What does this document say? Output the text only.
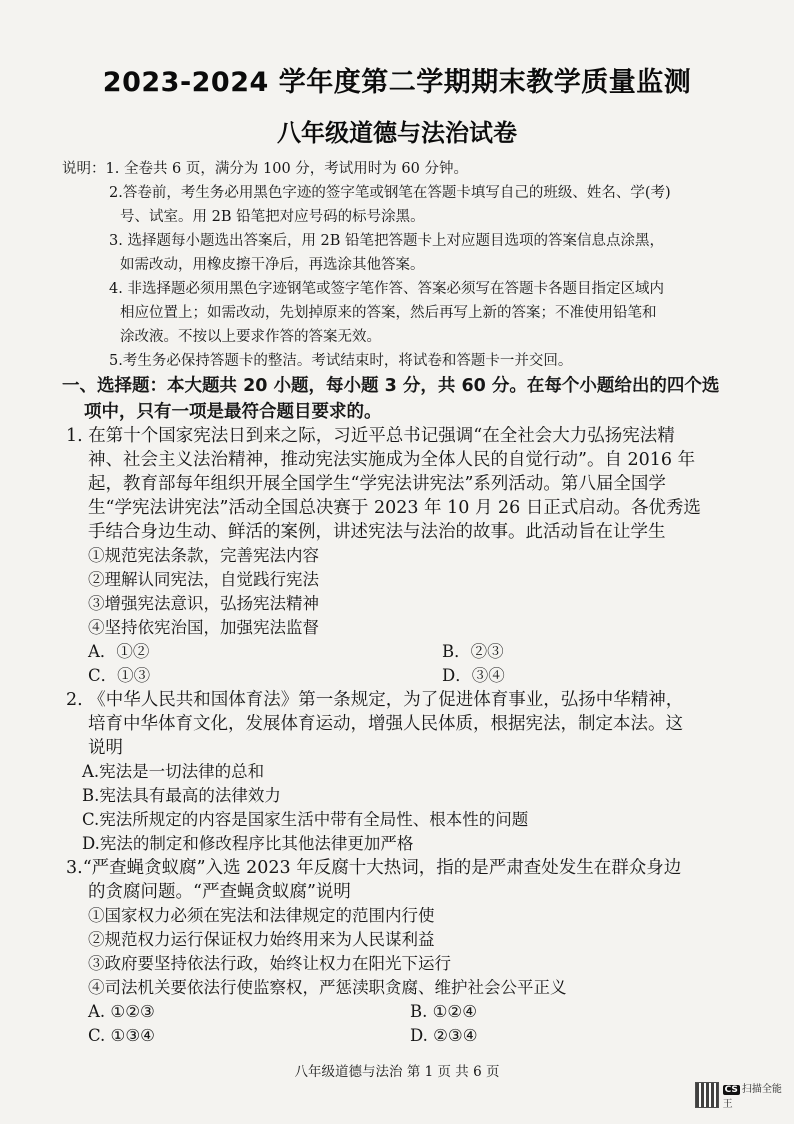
2023-2024 学年度第二学期期末教学质量监测
八年级道德与法治试卷
说明：1. 全卷共 6 页，满分为 100 分，考试用时为 60 分钟。
2.答卷前，考生务必用黑色字迹的签字笔或钢笔在答题卡填写自己的班级、姓名、学(考)
号、试室。用 2B 铅笔把对应号码的标号涂黑。
3. 选择题每小题选出答案后，用 2B 铅笔把答题卡上对应题目选项的答案信息点涂黑，
如需改动，用橡皮擦干净后，再选涂其他答案。
4. 非选择题必须用黑色字迹钢笔或签字笔作答、答案必须写在答题卡各题目指定区域内
相应位置上；如需改动，先划掉原来的答案，然后再写上新的答案；不准使用铅笔和
涂改液。不按以上要求作答的答案无效。
5.考生务必保持答题卡的整洁。考试结束时，将试卷和答题卡一并交回。
一、选择题：本大题共 20 小题，每小题 3 分，共 60 分。在每个小题给出的四个选
项中，只有一项是最符合题目要求的。
1. 在第十个国家宪法日到来之际，习近平总书记强调“在全社会大力弘扬宪法精
神、社会主义法治精神，推动宪法实施成为全体人民的自觉行动”。自 2016 年
起，教育部每年组织开展全国学生“学宪法讲宪法”系列活动。第八届全国学
生“学宪法讲宪法”活动全国总决赛于 2023 年 10 月 26 日正式启动。各优秀选
手结合身边生动、鲜活的案例，讲述宪法与法治的故事。此活动旨在让学生
①规范宪法条款，完善宪法内容
②理解认同宪法，自觉践行宪法
③增强宪法意识，弘扬宪法精神
④坚持依宪治国，加强宪法监督
A．①②	B．②③
C．①③	D．③④
2. 《中华人民共和国体育法》第一条规定，为了促进体育事业，弘扬中华精神，
培育中华体育文化，发展体育运动，增强人民体质，根据宪法，制定本法。这
说明
A.宪法是一切法律的总和
B.宪法具有最高的法律效力
C.宪法所规定的内容是国家生活中带有全局性、根本性的问题
D.宪法的制定和修改程序比其他法律更加严格
3.“严查蝇贪蚁腐”入选 2023 年反腐十大热词，指的是严肃查处发生在群众身边
的贪腐问题。“严查蝇贪蚁腐”说明
①国家权力必须在宪法和法律规定的范围内行使
②规范权力运行保证权力始终用来为人民谋利益
③政府要坚持依法行政，始终让权力在阳光下运行
④司法机关要依法行使监察权，严惩渎职贪腐、维护社会公平正义
A. ①②③	B. ①②④
C. ①③④	D. ②③④
八年级道德与法治 第 1 页 共 6 页
CS 扫描全能王
